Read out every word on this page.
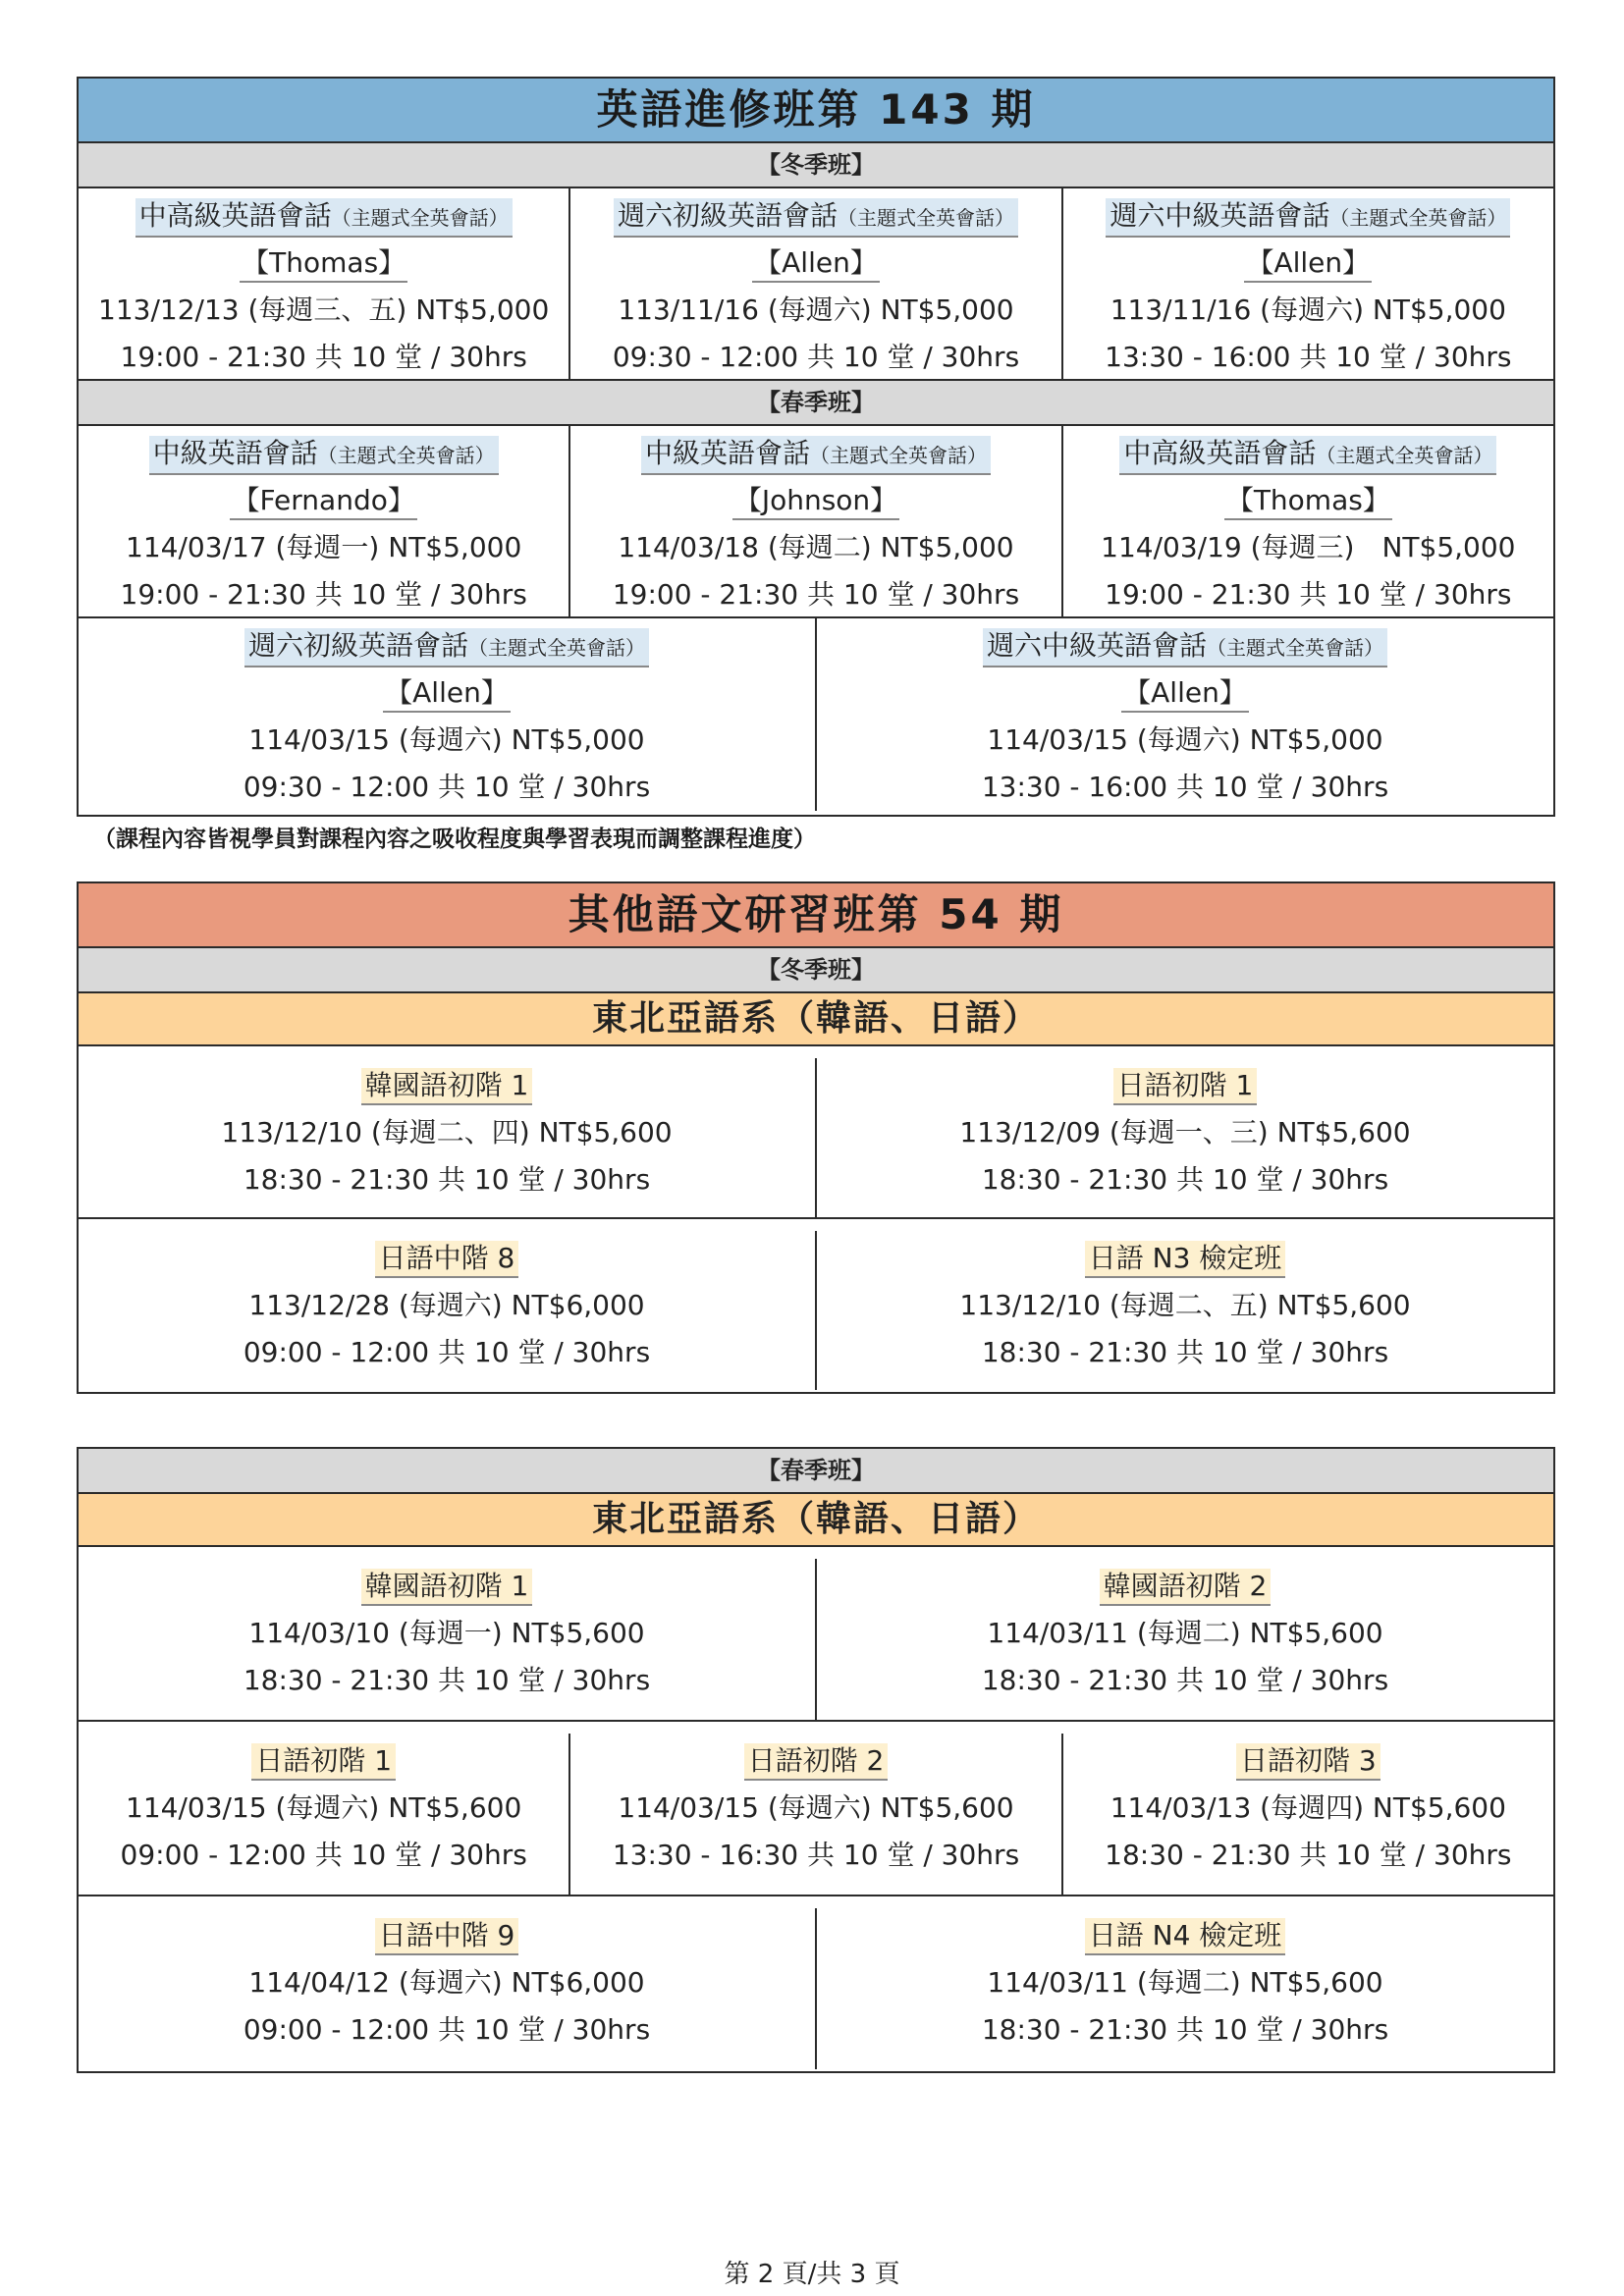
英語進修班第 143 期
【冬季班】
中高級英語會話（主題式全英會話）
【Thomas】
113/12/13 (每週三、五) NT$5,000
19:00 - 21:30 共 10 堂 / 30hrs
週六初級英語會話（主題式全英會話）
【Allen】
113/11/16 (每週六) NT$5,000
09:30 - 12:00 共 10 堂 / 30hrs
週六中級英語會話（主題式全英會話）
【Allen】
113/11/16 (每週六) NT$5,000
13:30 - 16:00 共 10 堂 / 30hrs
【春季班】
中級英語會話（主題式全英會話）
【Fernando】
114/03/17 (每週一) NT$5,000
19:00 - 21:30 共 10 堂 / 30hrs
中級英語會話（主題式全英會話）
【Johnson】
114/03/18 (每週二) NT$5,000
19:00 - 21:30 共 10 堂 / 30hrs
中高級英語會話（主題式全英會話）
【Thomas】
114/03/19 (每週三)　NT$5,000
19:00 - 21:30 共 10 堂 / 30hrs
週六初級英語會話（主題式全英會話）
【Allen】
114/03/15 (每週六) NT$5,000
09:30 - 12:00 共 10 堂 / 30hrs
週六中級英語會話（主題式全英會話）
【Allen】
114/03/15 (每週六) NT$5,000
13:30 - 16:00 共 10 堂 / 30hrs
（課程內容皆視學員對課程內容之吸收程度與學習表現而調整課程進度）
其他語文研習班第 54 期
【冬季班】
東北亞語系（韓語、日語）
韓國語初階 1
113/12/10 (每週二、四) NT$5,600
18:30 - 21:30 共 10 堂 / 30hrs
日語初階 1
113/12/09 (每週一、三) NT$5,600
18:30 - 21:30 共 10 堂 / 30hrs
日語中階 8
113/12/28 (每週六) NT$6,000
09:00 - 12:00 共 10 堂 / 30hrs
日語 N3 檢定班
113/12/10 (每週二、五) NT$5,600
18:30 - 21:30 共 10 堂 / 30hrs
【春季班】
東北亞語系（韓語、日語）
韓國語初階 1
114/03/10 (每週一) NT$5,600
18:30 - 21:30 共 10 堂 / 30hrs
韓國語初階 2
114/03/11 (每週二) NT$5,600
18:30 - 21:30 共 10 堂 / 30hrs
日語初階 1
114/03/15 (每週六) NT$5,600
09:00 - 12:00 共 10 堂 / 30hrs
日語初階 2
114/03/15 (每週六) NT$5,600
13:30 - 16:30 共 10 堂 / 30hrs
日語初階 3
114/03/13 (每週四) NT$5,600
18:30 - 21:30 共 10 堂 / 30hrs
日語中階 9
114/04/12 (每週六) NT$6,000
09:00 - 12:00 共 10 堂 / 30hrs
日語 N4 檢定班
114/03/11 (每週二) NT$5,600
18:30 - 21:30 共 10 堂 / 30hrs
第 2 頁/共 3 頁
